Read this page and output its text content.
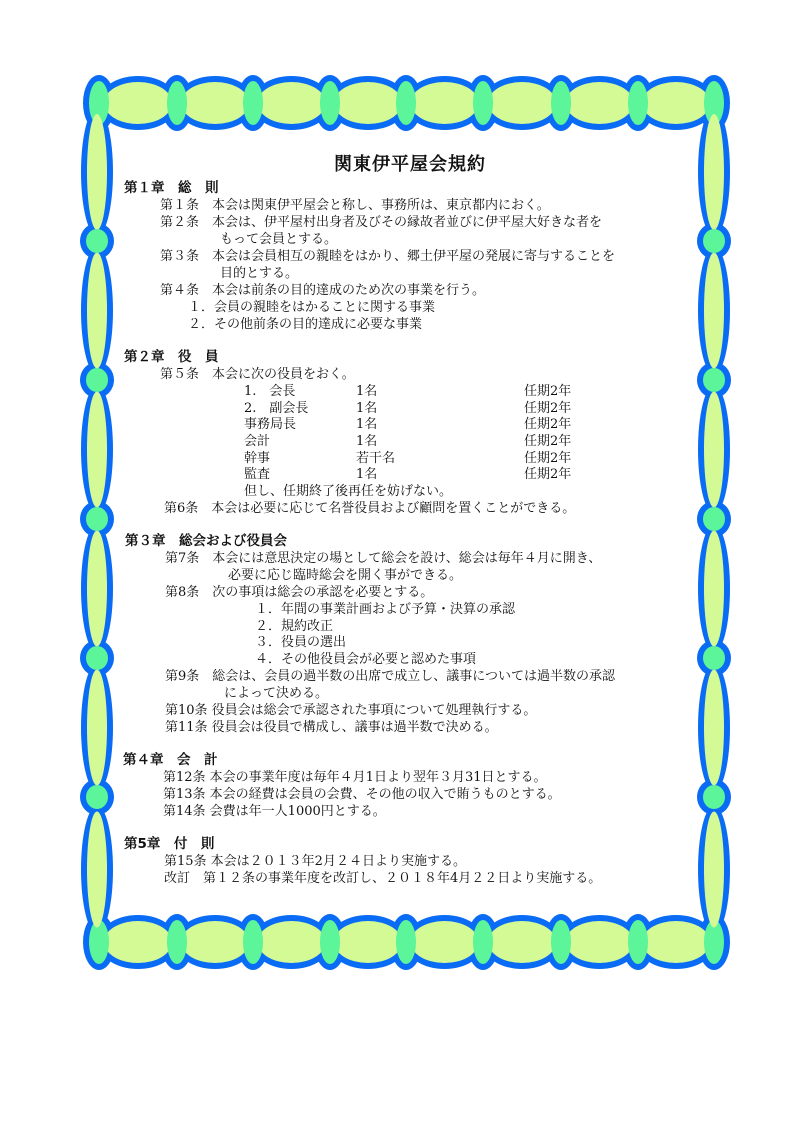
関東伊平屋会規約
第１章　総　則
第１条　本会は関東伊平屋会と称し、事務所は、東京都内におく。
第２条　本会は、伊平屋村出身者及びその縁故者並びに伊平屋大好きな者を
もって会員とする。
第３条　本会は会員相互の親睦をはかり、郷土伊平屋の発展に寄与することを
目的とする。
第４条　本会は前条の目的達成のため次の事業を行う。
１．会員の親睦をはかることに関する事業
２．その他前条の目的達成に必要な事業
第２章　役　員
第５条　本会に次の役員をおく。
1.　会長	1名	任期2年
2.　副会長	1名	任期2年
事務局長	1名	任期2年
会計	1名	任期2年
幹事	若干名	任期2年
監査	1名	任期2年
但し、任期終了後再任を妨げない。
第6条　本会は必要に応じて名誉役員および顧問を置くことができる。
第３章　総会および役員会
第7条　本会には意思決定の場として総会を設け、総会は毎年４月に開き、
必要に応じ臨時総会を開く事ができる。
第8条　次の事項は総会の承認を必要とする。
１．年間の事業計画および予算・決算の承認
２．規約改正
３．役員の選出
４．その他役員会が必要と認めた事項
第9条　総会は、会員の過半数の出席で成立し、議事については過半数の承認
によって決める。
第10条 役員会は総会で承認された事項について処理執行する。
第11条 役員会は役員で構成し、議事は過半数で決める。
第４章　会　計
第12条 本会の事業年度は毎年４月1日より翌年３月31日とする。
第13条 本会の経費は会員の会費、その他の収入で賄うものとする。
第14条 会費は年一人1000円とする。
第5章　付　則
第15条 本会は２０１３年2月２４日より実施する。
改訂　第１２条の事業年度を改訂し、２０１８年4月２２日より実施する。
